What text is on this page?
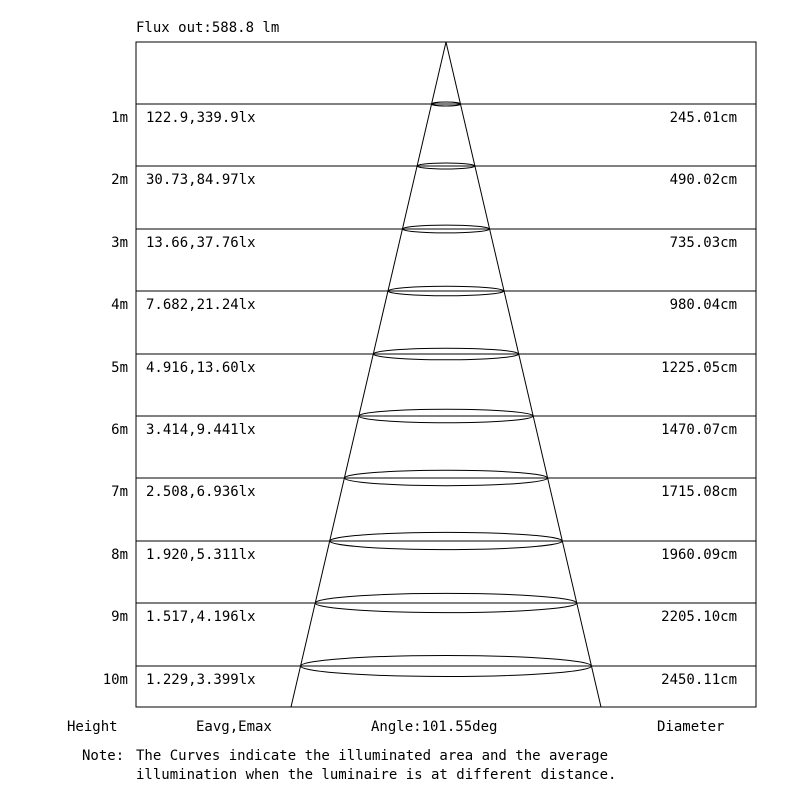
Flux out:588.8 lm
1m 122.9,339.9lx	245.01cm
2m 30.73,84.97lx	490.02cm
3m 13.66,37.76lx	735.03cm
4m 7.682,21.24lx	980.04cm
5m 4.916,13.60lx	1225.05cm
6m 3.414,9.441lx	1470.07cm
7m 2.508,6.936lx	1715.08cm
8m 1.920,5.311lx	1960.09cm
9m 1.517,4.196lx	2205.10cm
10m 1.229,3.399lx	2450.11cm
Height	Eavg,Emax	Angle:101.55deg	Diameter
Note: The Curves indicate the illuminated area and the average
illumination when the luminaire is at different distance.
